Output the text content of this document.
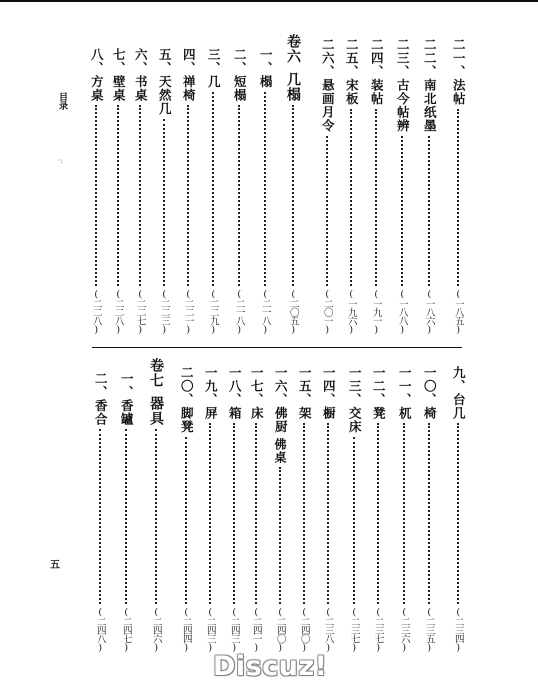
目录
·:
五
二一、法帖
(一八五)
二二、南北纸墨
(一八六)
二三、古今帖辨
(一八八)
二四、装帖
(一九一)
二五、宋板
(一九六)
二六、悬画月令
(二〇一)
卷六
几榻
(二〇五)
一、榻
(二一八)
二、短榻
(二一八)
三、几
(二二九)
四、禅椅
(二二一)
五、天然几
(二二三)
六、书桌
(二二七)
七、壁桌
(二二八)
八、方桌
(二二八)
九、台几
(二三四)
一〇、椅
(二三五)
一一、杌
(二三六)
一二、凳
(二三七)
一三、交床
(二三七)
一四、橱
(二三八)
一五、架
(二四〇)
一六、佛厨
佛桌
(二四〇)
一七、床
(二四一)
一八、箱
(二四三)
一九、屏
(二四三)
二〇、脚凳
(二四四)
卷七
器具
(二四六)
一、香罏
(二四七)
二、香合
(二四八)
Discuz!
